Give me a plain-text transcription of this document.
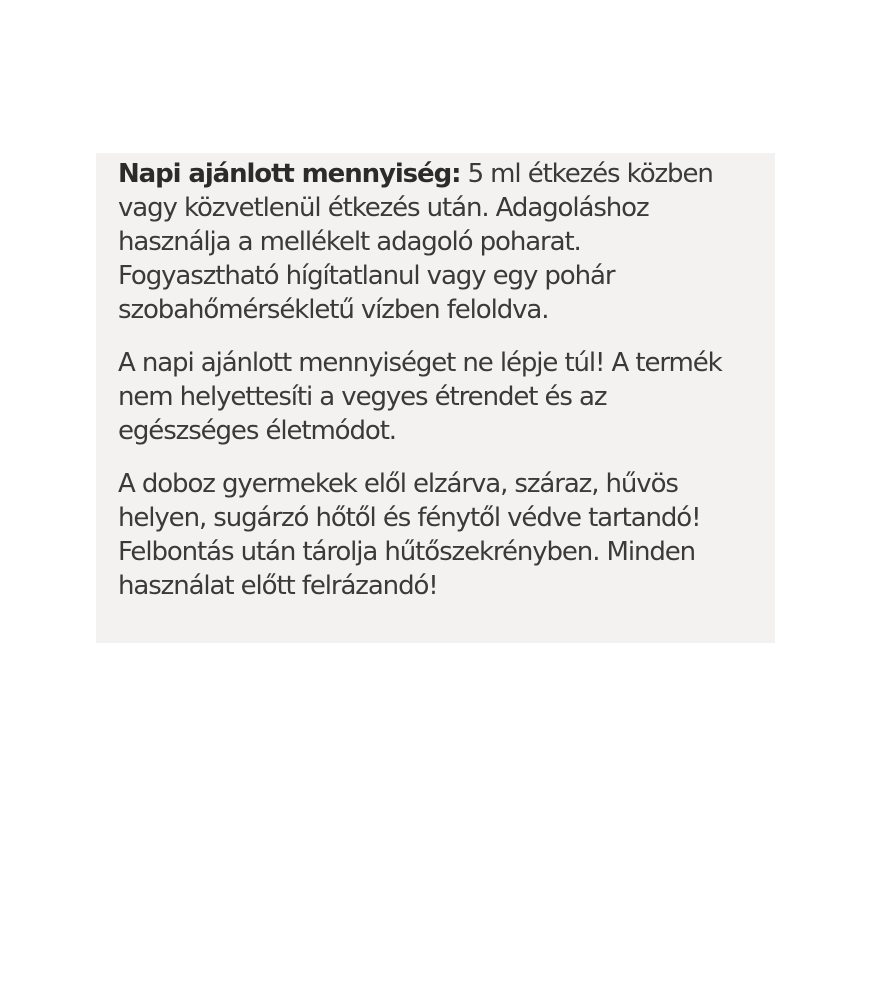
Napi ajánlott mennyiség: 5 ml étkezés közben
vagy közvetlenül étkezés után. Adagoláshoz
használja a mellékelt adagoló poharat.
Fogyasztható hígítatlanul vagy egy pohár
szobahőmérsékletű vízben feloldva.

A napi ajánlott mennyiséget ne lépje túl! A termék
nem helyettesíti a vegyes étrendet és az
egészséges életmódot.

A doboz gyermekek elől elzárva, száraz, hűvös
helyen, sugárzó hőtől és fénytől védve tartandó!
Felbontás után tárolja hűtőszekrényben. Minden
használat előtt felrázandó!
